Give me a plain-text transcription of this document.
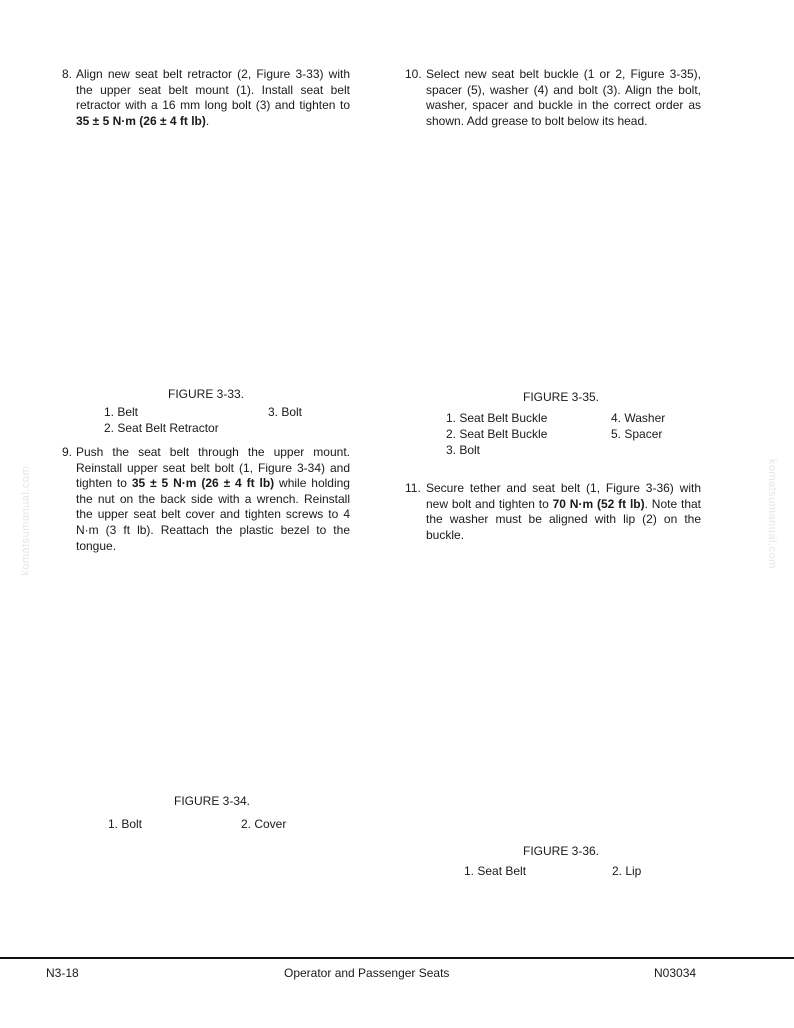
8. Align new seat belt retractor (2, Figure 3-33) with the upper seat belt mount (1). Install seat belt retractor with a 16 mm long bolt (3) and tighten to 35 ± 5 N·m (26 ± 4 ft lb).
10. Select new seat belt buckle (1 or 2, Figure 3-35), spacer (5), washer (4) and bolt (3). Align the bolt, washer, spacer and buckle in the correct order as shown. Add grease to bolt below its head.
FIGURE 3-33.
1. Belt
2. Seat Belt Retractor
3. Bolt
FIGURE 3-35.
1. Seat Belt Buckle
2. Seat Belt Buckle
3. Bolt
4. Washer
5. Spacer
9. Push the seat belt through the upper mount. Reinstall upper seat belt bolt (1, Figure 3-34) and tighten to 35 ± 5 N·m (26 ± 4 ft lb) while holding the nut on the back side with a wrench. Reinstall the upper seat belt cover and tighten screws to 4 N·m (3 ft lb). Reattach the plastic bezel to the tongue.
11. Secure tether and seat belt (1, Figure 3-36) with new bolt and tighten to 70 N·m (52 ft lb). Note that the washer must be aligned with lip (2) on the buckle.
komatsumanual.com	komatsumanual.com
FIGURE 3-34.
1. Bolt	2. Cover
FIGURE 3-36.
1. Seat Belt	2. Lip
N3-18	Operator and Passenger Seats	N03034
